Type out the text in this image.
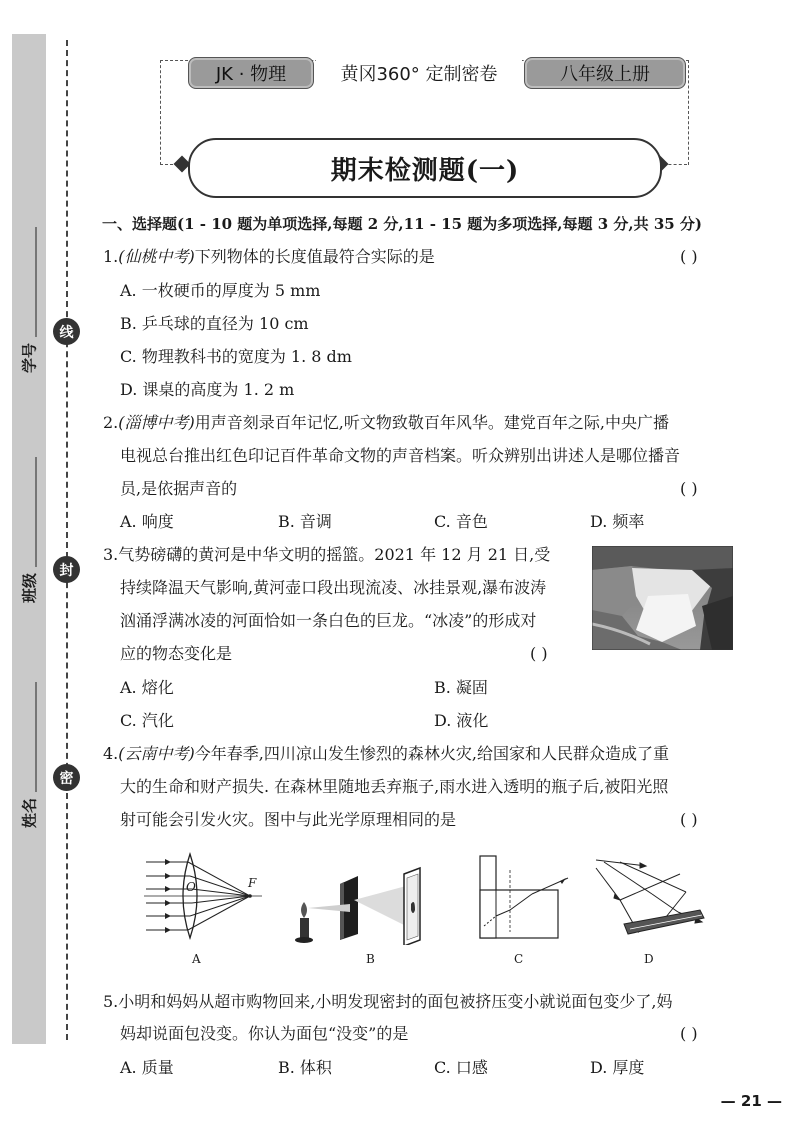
线
封
密
学号
班级
姓名
JK · 物理	黄冈360° 定制密卷	八年级上册
期末检测题(一)
一、选择题(1 - 10 题为单项选择,每题 2 分,11 - 15 题为多项选择,每题 3 分,共 35 分)
1.(仙桃中考)下列物体的长度值最符合实际的是	( )
A. 一枚硬币的厚度为 5 mm
B. 乒乓球的直径为 10 cm
C. 物理教科书的宽度为 1. 8 dm
D. 课桌的高度为 1. 2 m
2.(淄博中考)用声音刻录百年记忆,听文物致敬百年风华。建党百年之际,中央广播
电视总台推出红色印记百件革命文物的声音档案。听众辨别出讲述人是哪位播音
员,是依据声音的	( )
A. 响度	B. 音调	C. 音色	D. 频率
3.气势磅礴的黄河是中华文明的摇篮。2021 年 12 月 21 日,受
持续降温天气影响,黄河壶口段出现流凌、冰挂景观,瀑布波涛
汹涌浮满冰凌的河面恰如一条白色的巨龙。“冰凌”的形成对
应的物态变化是	( )
A. 熔化	B. 凝固
C. 汽化	D. 液化
4.(云南中考)今年春季,四川凉山发生惨烈的森林火灾,给国家和人民群众造成了重
大的生命和财产损失. 在森林里随地丢弃瓶子,雨水进入透明的瓶子后,被阳光照
射可能会引发火灾。图中与此光学原理相同的是	( )
O	F
A	B	C	D
5.小明和妈妈从超市购物回来,小明发现密封的面包被挤压变小就说面包变少了,妈
妈却说面包没变。你认为面包“没变”的是	( )
A. 质量	B. 体积	C. 口感	D. 厚度
— 21 —
